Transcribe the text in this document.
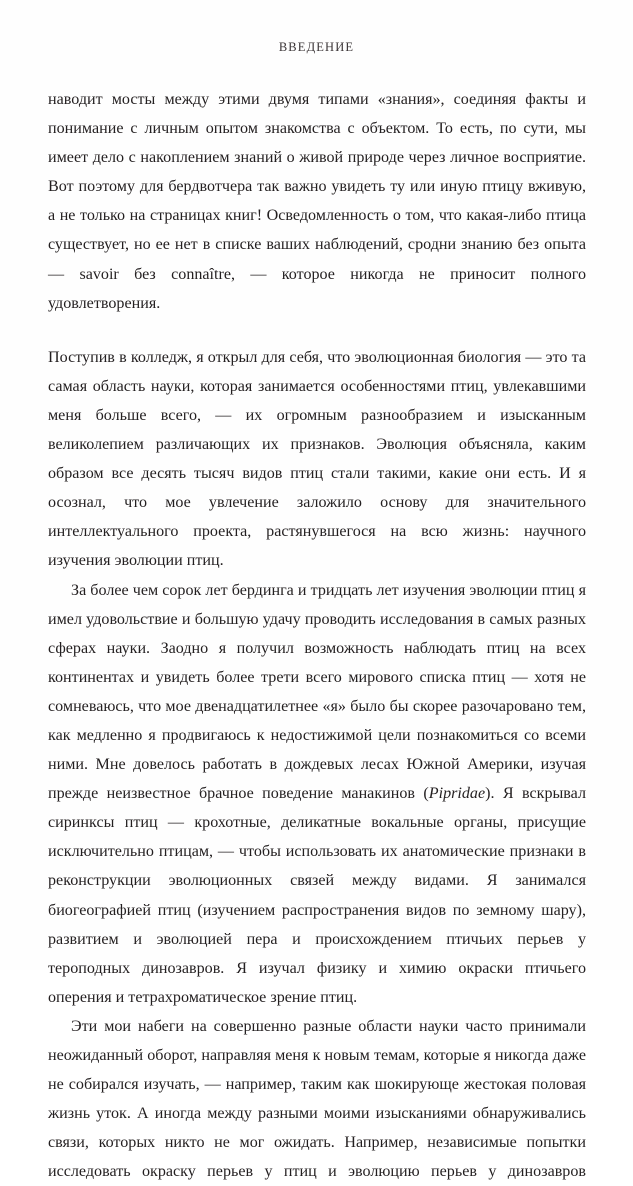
ВВЕДЕНИЕ

наводит мосты между этими двумя типами «знания», соединяя факты и понимание с личным опытом знакомства с объектом. То есть, по сути, мы имеет дело с накоплением знаний о живой природе через личное восприятие. Вот поэтому для бердвотчера так важно увидеть ту или иную птицу вживую, а не только на страницах книг! Осведомленность о том, что какая-либо птица существует, но ее нет в списке ваших наблюдений, сродни знанию без опыта — savoir без connaître, — которое никогда не приносит полного удовлетворения.

Поступив в колледж, я открыл для себя, что эволюционная биология — это та самая область науки, которая занимается особенностями птиц, увлекавшими меня больше всего, — их огромным разнообразием и изысканным великолепием различающих их признаков. Эволюция объясняла, каким образом все десять тысяч видов птиц стали такими, какие они есть. И я осознал, что мое увлечение заложило основу для значительного интеллектуального проекта, растянувшегося на всю жизнь: научного изучения эволюции птиц.

За более чем сорок лет бердинга и тридцать лет изучения эволюции птиц я имел удовольствие и большую удачу проводить исследования в самых разных сферах науки. Заодно я получил возможность наблюдать птиц на всех континентах и увидеть более трети всего мирового списка птиц — хотя не сомневаюсь, что мое двенадцатилетнее «я» было бы скорее разочаровано тем, как медленно я продвигаюсь к недостижимой цели познакомиться со всеми ними. Мне довелось работать в дождевых лесах Южной Америки, изучая прежде неизвестное брачное поведение манакинов (Pipridae). Я вскрывал сиринксы птиц — крохотные, деликатные вокальные органы, присущие исключительно птицам, — чтобы использовать их анатомические признаки в реконструкции эволюционных связей между видами. Я занимался биогеографией птиц (изучением распространения видов по земному шару), развитием и эволюцией пера и происхождением птичьих перьев у тероподных динозавров. Я изучал физику и химию окраски птичьего оперения и тетрахроматическое зрение птиц.

Эти мои набеги на совершенно разные области науки часто принимали неожиданный оборот, направляя меня к новым темам, которые я никогда даже не собирался изучать, — например, таким как шокирующе жестокая половая жизнь уток. А иногда между разными моими изысканиями обнаруживались связи, которых никто не мог ожидать. Например, независимые попытки исследовать окраску перьев у птиц и эволюцию перьев у динозавров
